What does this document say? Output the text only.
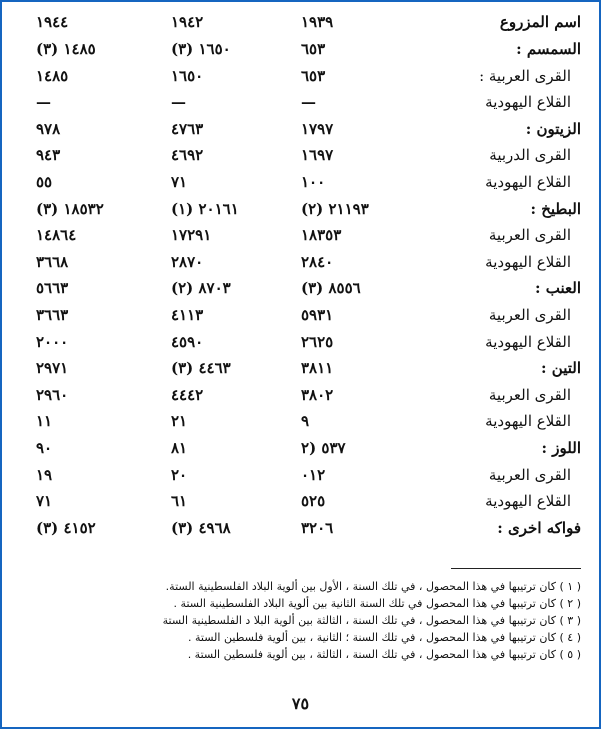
اسم المزروع
١٩٣٩
١٩٤٢
١٩٤٤
السمسم :
٦٥٣
١٦٥٠ (٣)
١٤٨٥ (٣)
القرى العربية :
٦٥٣
١٦٥٠
١٤٨٥
القلاع اليهودية
—
—
—
الزيتون :
١٧٩٧
٤٧٦٣
٩٧٨
القرى الدربية
١٦٩٧
٤٦٩٢
٩٤٣
القلاع اليهودية
١٠٠
٧١
٥٥
البطيخ :
٢١١٩٣ (٢)
٢٠١٦١ (١)
١٨٥٣٢ (٣)
القرى العربية
١٨٣٥٣
١٧٢٩١
١٤٨٦٤
القلاع اليهودية
٢٨٤٠
٢٨٧٠
٣٦٦٨
العنب :
٨٥٥٦ (٣)
٨٧٠٣ (٢)
٥٦٦٣
القرى العربية
٥٩٣١
٤١١٣
٣٦٦٣
القلاع اليهودية
٢٦٢٥
٤٥٩٠
٢٠٠٠
التين :
٣٨١١
٤٤٦٣ (٣)
٢٩٧١
القرى العربية
٣٨٠٢
٤٤٤٢
٢٩٦٠
القلاع اليهودية
٩
٢١
١١
اللوز :
٥٣٧ (٢
٨١
٩٠
القرى العربية
٠١٢
٢٠
١٩
القلاع اليهودية
٥٢٥
٦١
٧١
فواكه اخرى :
٣٢٠٦
٤٩٦٨ (٣)
٤١٥٢ (٣)
( ١ ) كان ترتيبها في هذا المحصول ، في تلك السنة ، الأول بين ألوية البلاد الفلسطينية الستة.
( ٢ ) كان ترتيبها في هذا المحصول في تلك السنة الثانية بين ألوية البلاد الفلسطينية الستة .
( ٣ ) كان ترتيبها في هذا المحصول ، في تلك السنة ، الثالثة بين ألوية البلا د الفلسطينية الستة
( ٤ ) كان ترتيبها في هذا المحصول ، في تلك السنة ؛ الثانية ، بين ألوية فلسطين الستة .
( ٥ ) كان ترتيبها في هذا المحصول ، في تلك السنة ، الثالثة ، بين ألوية فلسطين الستة .
٧٥
